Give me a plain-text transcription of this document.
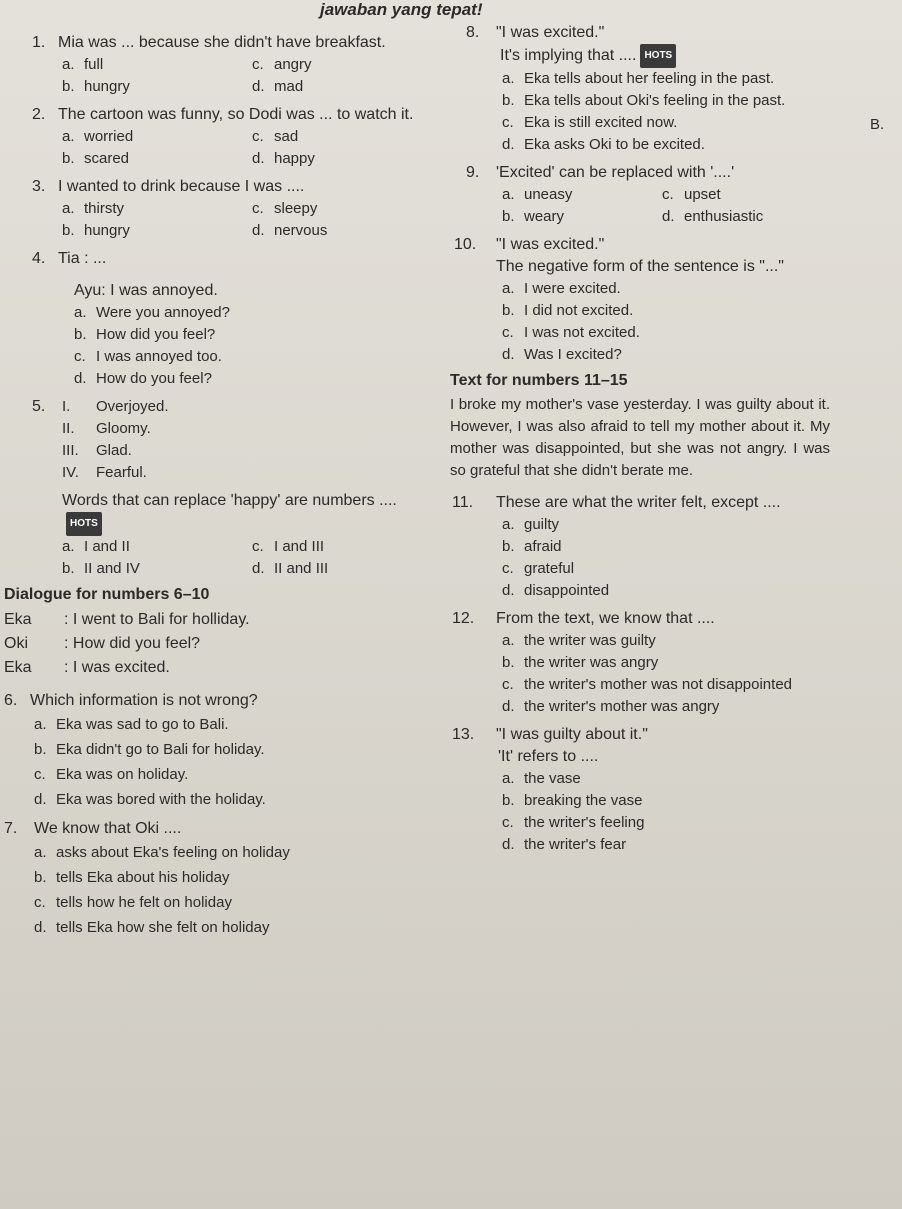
jawaban yang tepat!
B.
1. Mia was ... because she didn't have breakfast.
a. full	c. angry
b. hungry	d. mad
2. The cartoon was funny, so Dodi was ... to watch it.
a. worried	c. sad
b. scared	d. happy
3. I wanted to drink because I was ....
a. thirsty	c. sleepy
b. hungry	d. nervous
4. Tia : ...
Ayu: I was annoyed.
a. Were you annoyed?
b. How did you feel?
c. I was annoyed too.
d. How do you feel?
5. I. Overjoyed.
II. Gloomy.
III. Glad.
IV. Fearful.
Words that can replace 'happy' are numbers ....HOTS
a. I and II	c. I and III
b. II and IV	d. II and III
Dialogue for numbers 6–10
Eka : I went to Bali for holliday.
Oki : How did you feel?
Eka : I was excited.
6. Which information is not wrong?
a. Eka was sad to go to Bali.
b. Eka didn't go to Bali for holiday.
c. Eka was on holiday.
d. Eka was bored with the holiday.
7.	We know that Oki ....
a. asks about Eka's feeling on holiday
b. tells Eka about his holiday
c. tells how he felt on holiday
d. tells Eka how she felt on holiday
8.	"I was excited."
It's implying that .... HOTS
a. Eka tells about her feeling in the past.
b. Eka tells about Oki's feeling in the past.
c. Eka is still excited now.
d. Eka asks Oki to be excited.
9.	'Excited' can be replaced with '....'
a. uneasy	c. upset
b. weary	d. enthusiastic
10.	"I was excited."
The negative form of the sentence is "..."
a. I were excited.
b. I did not excited.
c. I was not excited.
d. Was I excited?
Text for numbers 11–15
I broke my mother's vase yesterday. I was guilty about it. However, I was also afraid to tell my mother about it. My mother was disappointed, but she was not angry. I was so grateful that she didn't berate me.
11.	These are what the writer felt, except ....
a. guilty
b. afraid
c. grateful
d. disappointed
12.	From the text, we know that ....
a. the writer was guilty
b. the writer was angry
c. the writer's mother was not disappointed
d. the writer's mother was angry
13.	"I was guilty about it."
'It' refers to ....
a. the vase
b. breaking the vase
c. the writer's feeling
d. the writer's fear
